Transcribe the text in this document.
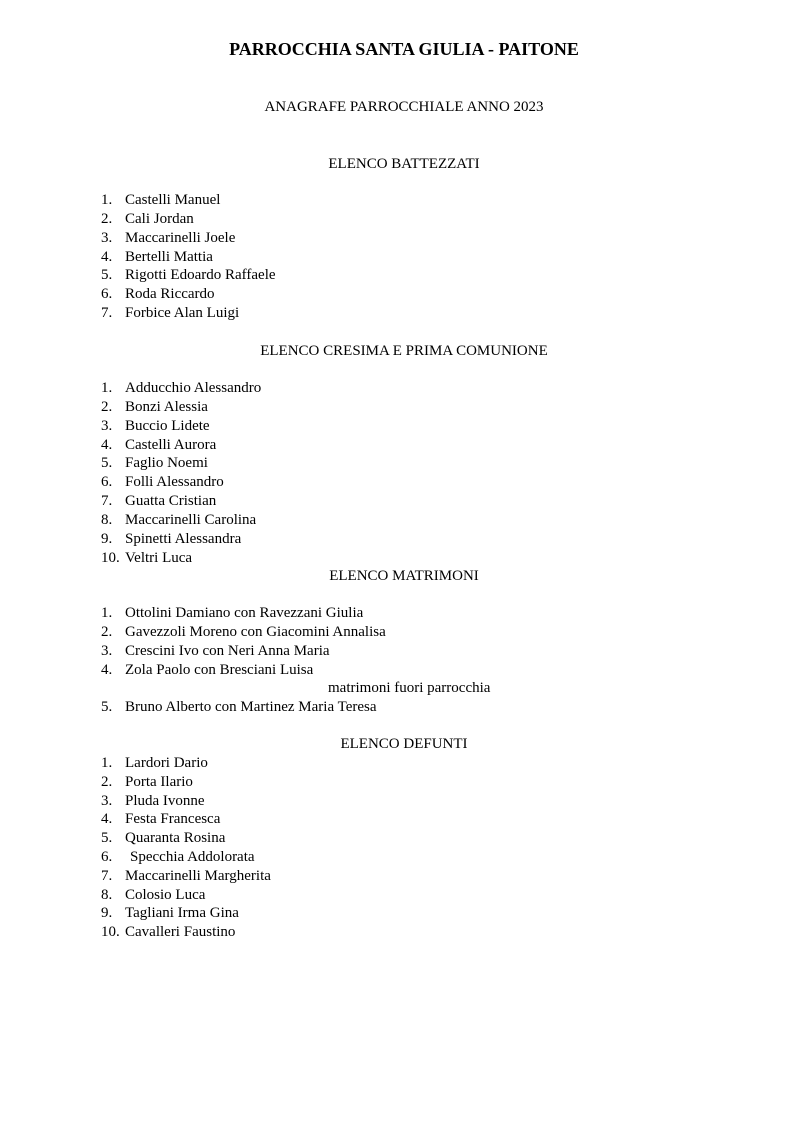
PARROCCHIA SANTA GIULIA - PAITONE
ANAGRAFE PARROCCHIALE ANNO 2023
ELENCO BATTEZZATI
1. Castelli Manuel
2. Cali Jordan
3. Maccarinelli Joele
4. Bertelli Mattia
5. Rigotti Edoardo Raffaele
6. Roda Riccardo
7. Forbice Alan Luigi
ELENCO CRESIMA E PRIMA COMUNIONE
1. Adducchio Alessandro
2. Bonzi Alessia
3. Buccio Lidete
4. Castelli Aurora
5. Faglio Noemi
6. Folli Alessandro
7. Guatta Cristian
8. Maccarinelli Carolina
9. Spinetti Alessandra
10. Veltri Luca
ELENCO MATRIMONI
1. Ottolini Damiano con Ravezzani Giulia
2. Gavezzoli Moreno con Giacomini Annalisa
3. Crescini Ivo con Neri Anna Maria
4. Zola Paolo con Bresciani Luisa
matrimoni fuori parrocchia
5. Bruno Alberto con Martinez Maria Teresa
ELENCO DEFUNTI
1. Lardori Dario
2. Porta Ilario
3. Pluda Ivonne
4. Festa Francesca
5. Quaranta Rosina
6. Specchia Addolorata
7. Maccarinelli Margherita
8. Colosio Luca
9. Tagliani Irma Gina
10. Cavalleri Faustino
